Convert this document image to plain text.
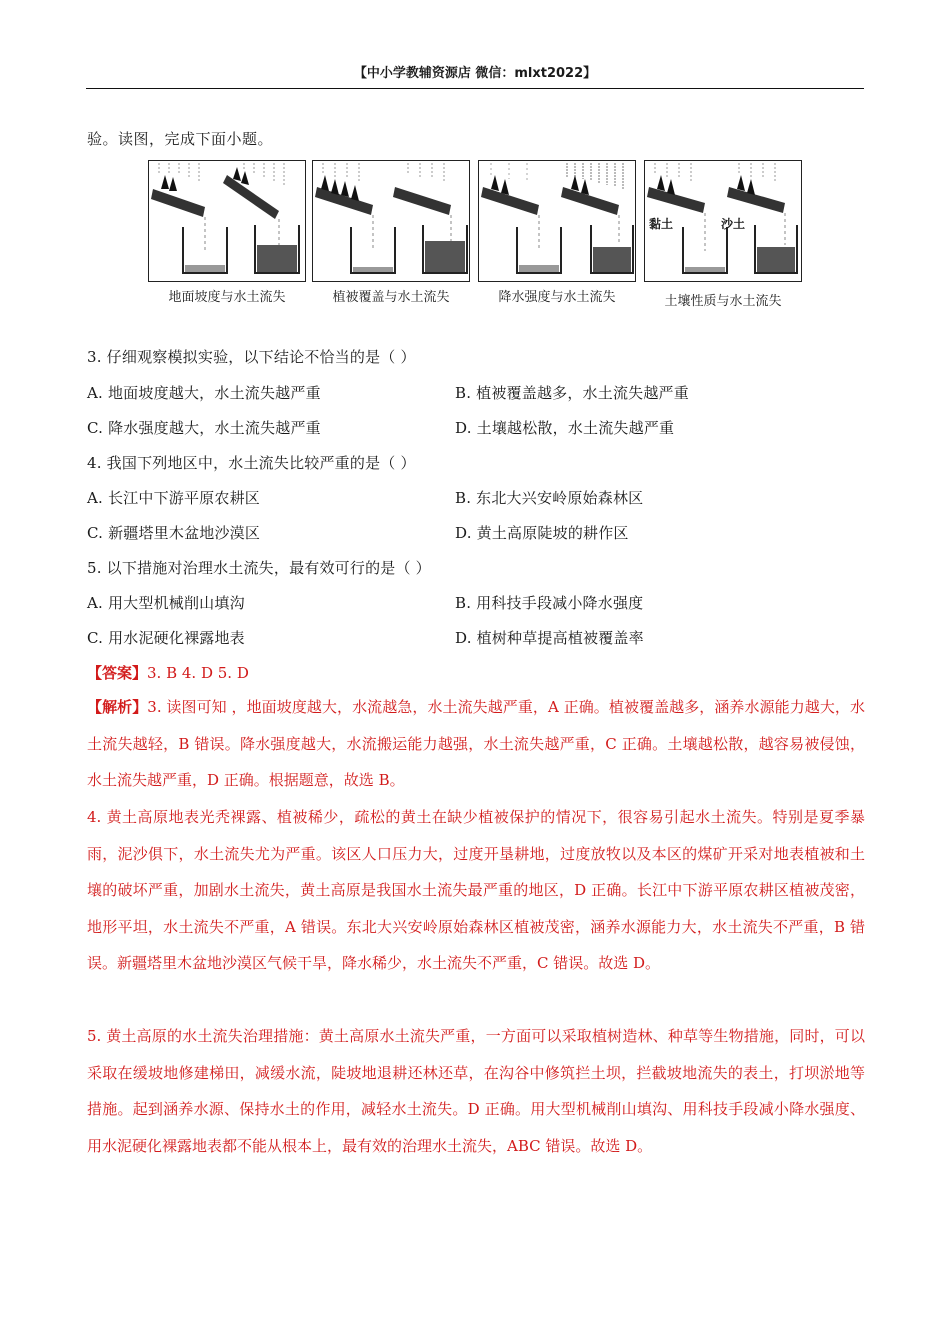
【中小学教辅资源店 微信：mlxt2022】
验。读图，完成下面小题。
地面坡度与水土流失	植被覆盖与水土流失	降水强度与水土流失
黏土	沙土
土壤性质与水土流失
3. 仔细观察模拟实验，以下结论不恰当的是（ ）
A. 地面坡度越大，水土流失越严重	B. 植被覆盖越多，水土流失越严重
C. 降水强度越大，水土流失越严重	D. 土壤越松散，水土流失越严重
4. 我国下列地区中，水土流失比较严重的是（ ）
A. 长江中下游平原农耕区	B. 东北大兴安岭原始森林区
C. 新疆塔里木盆地沙漠区	D. 黄土高原陡坡的耕作区
5. 以下措施对治理水土流失，最有效可行的是（ ）
A. 用大型机械削山填沟	B. 用科技手段减小降水强度
C. 用水泥硬化裸露地表	D. 植树种草提高植被覆盖率
【答案】3. B 4. D 5. D
【解析】3. 读图可知 ，地面坡度越大，水流越急，水土流失越严重，A 正确。植被覆盖越多，涵养水源能力越大，水土流失越轻，B 错误。降水强度越大，水流搬运能力越强，水土流失越严重，C 正确。土壤越松散，越容易被侵蚀，水土流失越严重，D 正确。根据题意，故选 B。
4. 黄土高原地表光秃裸露、植被稀少，疏松的黄土在缺少植被保护的情况下，很容易引起水土流失。特别是夏季暴雨，泥沙俱下，水土流失尤为严重。该区人口压力大，过度开垦耕地，过度放牧以及本区的煤矿开采对地表植被和土壤的破坏严重，加剧水土流失，黄土高原是我国水土流失最严重的地区，D 正确。长江中下游平原农耕区植被茂密，地形平坦，水土流失不严重，A 错误。东北大兴安岭原始森林区植被茂密，涵养水源能力大，水土流失不严重，B 错误。新疆塔里木盆地沙漠区气候干旱，降水稀少，水土流失不严重，C 错误。故选 D。
5. 黄土高原的水土流失治理措施：黄土高原水土流失严重，一方面可以采取植树造林、种草等生物措施，同时，可以采取在缓坡地修建梯田，减缓水流，陡坡地退耕还林还草，在沟谷中修筑拦土坝，拦截坡地流失的表土，打坝淤地等措施。起到涵养水源、保持水土的作用，减轻水土流失。D 正确。用大型机械削山填沟、用科技手段减小降水强度、用水泥硬化裸露地表都不能从根本上，最有效的治理水土流失，ABC 错误。故选 D。
